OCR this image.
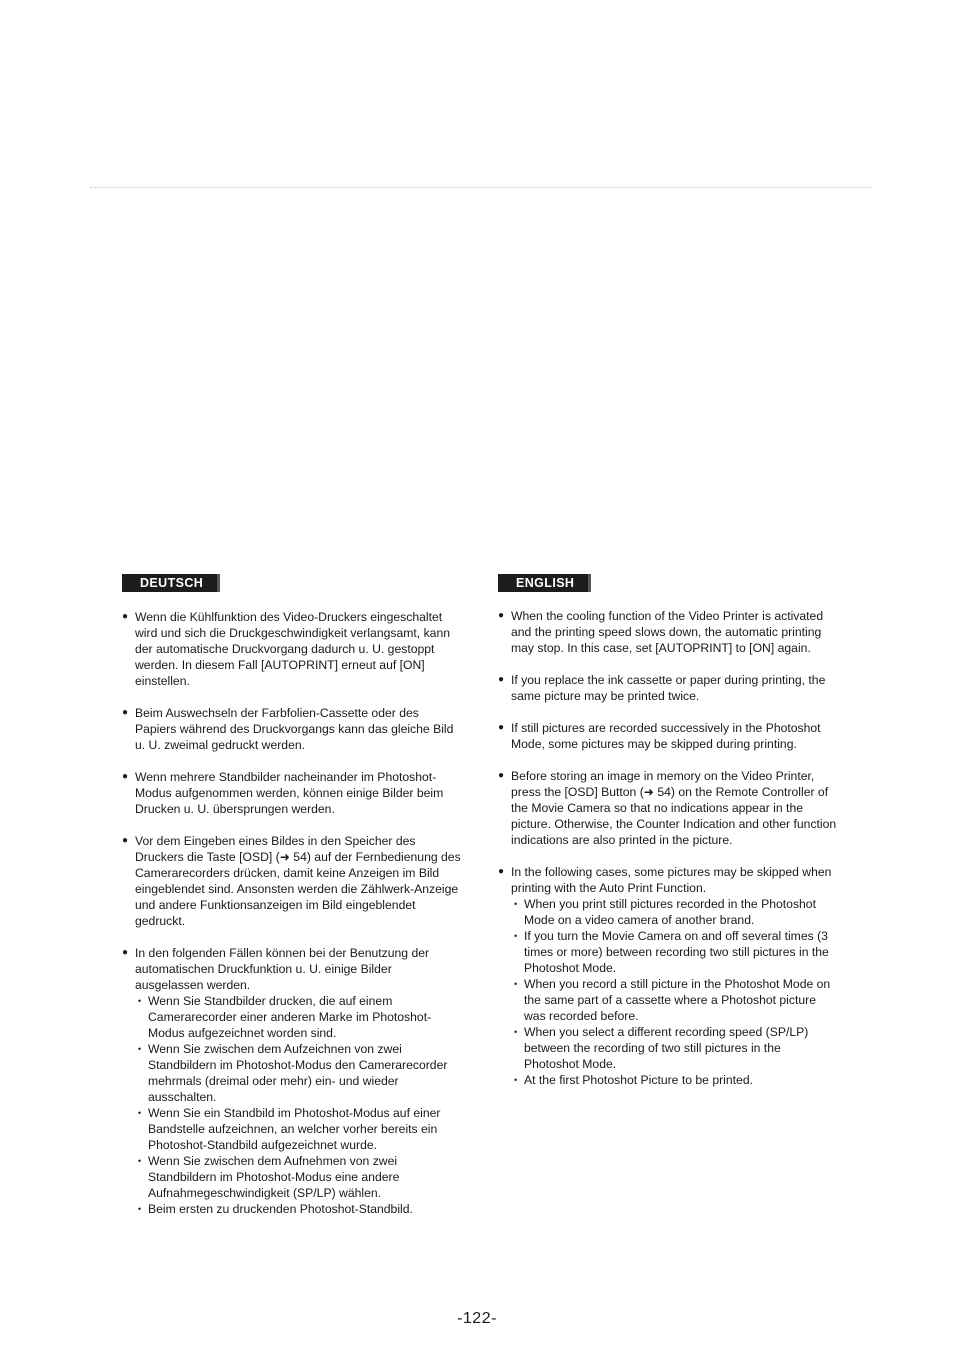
DEUTSCH
● Wenn die Kühlfunktion des Video-Druckers eingeschaltet wird und sich die Druckgeschwindigkeit verlangsamt, kann der automatische Druckvorgang dadurch u. U. gestoppt werden. In diesem Fall [AUTOPRINT] erneut auf [ON] einstellen.
● Beim Auswechseln der Farbfolien-Cassette oder des Papiers während des Druckvorgangs kann das gleiche Bild u. U. zweimal gedruckt werden.
● Wenn mehrere Standbilder nacheinander im Photoshot-Modus aufgenommen werden, können einige Bilder beim Drucken u. U. übersprungen werden.
● Vor dem Eingeben eines Bildes in den Speicher des Druckers die Taste [OSD] (➜ 54) auf der Fernbedienung des Camerarecorders drücken, damit keine Anzeigen im Bild eingeblendet sind. Ansonsten werden die Zählwerk-Anzeige und andere Funktionsanzeigen im Bild eingeblendet gedruckt.
● In den folgenden Fällen können bei der Benutzung der automatischen Druckfunktion u. U. einige Bilder ausgelassen werden.
• Wenn Sie Standbilder drucken, die auf einem Camerarecorder einer anderen Marke im Photoshot-Modus aufgezeichnet worden sind.
• Wenn Sie zwischen dem Aufzeichnen von zwei Standbildern im Photoshot-Modus den Camerarecorder mehrmals (dreimal oder mehr) ein- und wieder ausschalten.
• Wenn Sie ein Standbild im Photoshot-Modus auf einer Bandstelle aufzeichnen, an welcher vorher bereits ein Photoshot-Standbild aufgezeichnet wurde.
• Wenn Sie zwischen dem Aufnehmen von zwei Standbildern im Photoshot-Modus eine andere Aufnahmegeschwindigkeit (SP/LP) wählen.
• Beim ersten zu druckenden Photoshot-Standbild.
ENGLISH
● When the cooling function of the Video Printer is activated and the printing speed slows down, the automatic printing may stop. In this case, set [AUTOPRINT] to [ON] again.
● If you replace the ink cassette or paper during printing, the same picture may be printed twice.
● If still pictures are recorded successively in the Photoshot Mode, some pictures may be skipped during printing.
● Before storing an image in memory on the Video Printer, press the [OSD] Button (➜ 54) on the Remote Controller of the Movie Camera so that no indications appear in the picture. Otherwise, the Counter Indication and other function indications are also printed in the picture.
● In the following cases, some pictures may be skipped when printing with the Auto Print Function.
• When you print still pictures recorded in the Photoshot Mode on a video camera of another brand.
• If you turn the Movie Camera on and off several times (3 times or more) between recording two still pictures in the Photoshot Mode.
• When you record a still picture in the Photoshot Mode on the same part of a cassette where a Photoshot picture was recorded before.
• When you select a different recording speed (SP/LP) between the recording of two still pictures in the Photoshot Mode.
• At the first Photoshot Picture to be printed.
-122-
